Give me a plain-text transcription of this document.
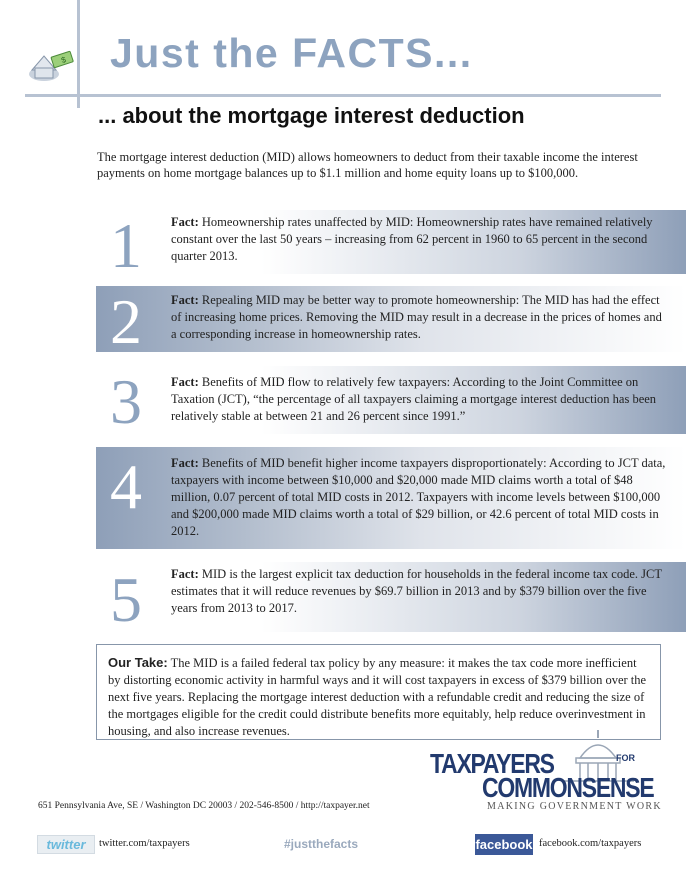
$ Just the FACTS...
... about the mortgage interest deduction

The mortgage interest deduction (MID) allows homeowners to deduct from their taxable income the interest payments on home mortgage balances up to $1.1 million and home equity loans up to $100,000.

1	Fact: Homeownership rates unaffected by MID: Homeownership rates have remained relatively constant over the last 50 years – increasing from 62 percent in 1960 to 65 percent in the second quarter 2013.
2	Fact: Repealing MID may be better way to promote homeownership: The MID has had the effect of increasing home prices. Removing the MID may result in a decrease in the prices of homes and a corresponding increase in homeownership rates.
3	Fact: Benefits of MID flow to relatively few taxpayers: According to the Joint Committee on Taxation (JCT), “the percentage of all taxpayers claiming a mortgage interest deduction has been relatively stable at between 21 and 26 percent since 1991.”
4	Fact: Benefits of MID benefit higher income taxpayers disproportionately: According to JCT data, taxpayers with income between $10,000 and $20,000 made MID claims worth a total of $48 million, 0.07 percent of total MID costs in 2012. Taxpayers with income levels between $100,000 and $200,000 made MID claims worth a total of $29 billion, or 42.6 percent of total MID costs in 2012.
5	Fact: MID is the largest explicit tax deduction for households in the federal income tax code. JCT estimates that it will reduce revenues by $69.7 billion in 2013 and by $379 billion over the five years from 2013 to 2017.
Our Take: The MID is a failed federal tax policy by any measure: it makes the tax code more inefficient by distorting economic activity in harmful ways and it will cost taxpayers in excess of $379 billion over the next five years. Replacing the mortgage interest deduction with a refundable credit and reducing the size of the mortgages eligible for the credit could distribute benefits more equitably, help reduce overinvestment in housing, and also increase revenues.
FOR
TAXPAYERS
COMMONSENSE
MAKING GOVERNMENT WORK
651 Pennsylvania Ave, SE / Washington DC 20003 / 202-546-8500 / http://taxpayer.net
twitter	twitter.com/taxpayers	#justthefacts	facebook facebook.com/taxpayers
